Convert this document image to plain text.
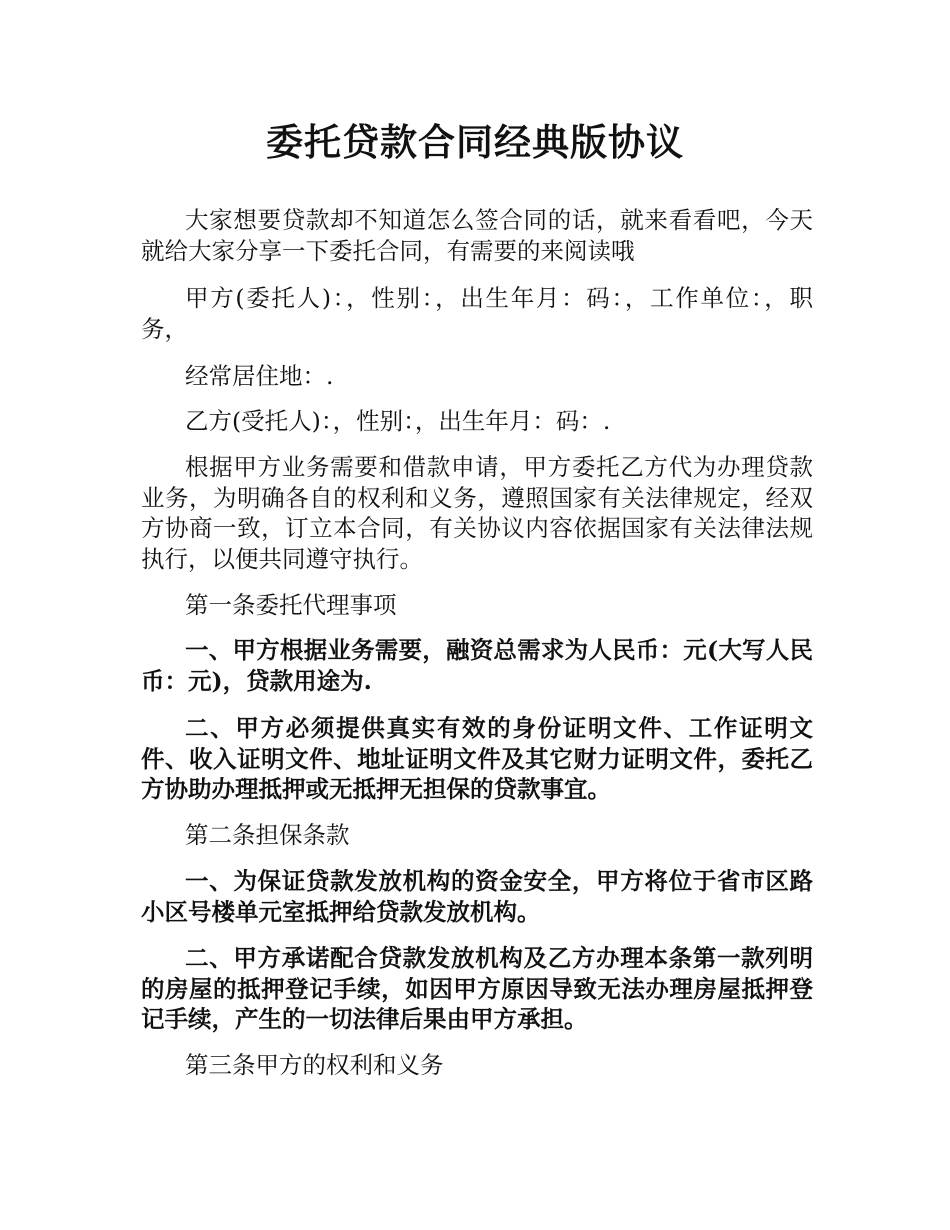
委托贷款合同经典版协议

大家想要贷款却不知道怎么签合同的话，就来看看吧，今天就给大家分享一下委托合同，有需要的来阅读哦

甲方(委托人)：，性别：，出生年月：码：，工作单位：，职务，

经常居住地：.

乙方(受托人)：，性别：，出生年月：码：.

根据甲方业务需要和借款申请，甲方委托乙方代为办理贷款业务，为明确各自的权利和义务，遵照国家有关法律规定，经双方协商一致，订立本合同，有关协议内容依据国家有关法律法规执行，以便共同遵守执行。

第一条委托代理事项

一、甲方根据业务需要，融资总需求为人民币：元(大写人民币：元)，贷款用途为.

二、甲方必须提供真实有效的身份证明文件、工作证明文件、收入证明文件、地址证明文件及其它财力证明文件，委托乙方协助办理抵押或无抵押无担保的贷款事宜。

第二条担保条款

一、为保证贷款发放机构的资金安全，甲方将位于省市区路小区号楼单元室抵押给贷款发放机构。

二、甲方承诺配合贷款发放机构及乙方办理本条第一款列明的房屋的抵押登记手续，如因甲方原因导致无法办理房屋抵押登记手续，产生的一切法律后果由甲方承担。

第三条甲方的权利和义务
